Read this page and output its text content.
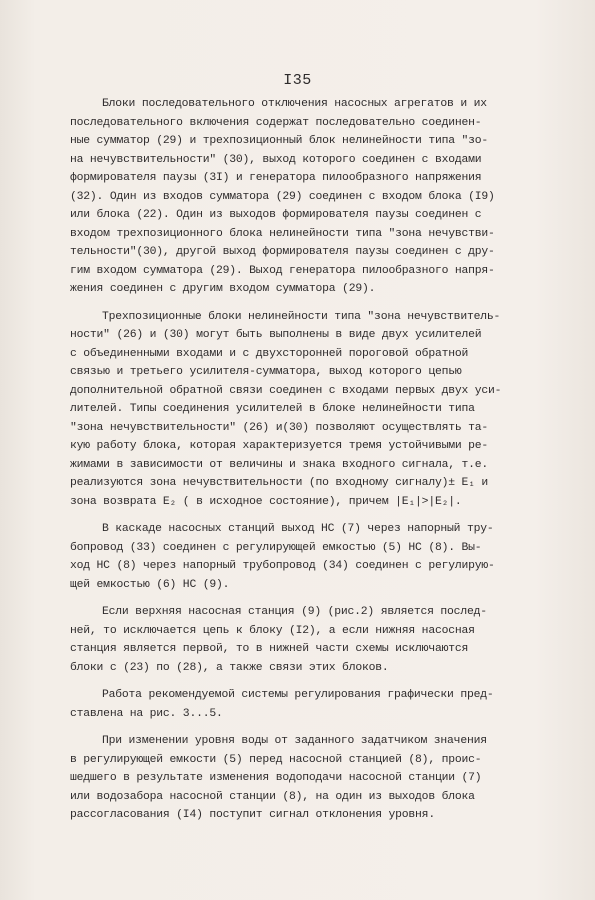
I35
Блоки последовательного отключения насосных агрегатов и их
последовательного включения содержат последовательно соединен-
ные сумматор (29) и трехпозиционный блок нелинейности типа "зо-
на нечувствительности" (30), выход которого соединен с входами
формирователя паузы (3I) и генератора пилообразного напряжения
(32). Один из входов сумматора (29) соединен с входом блока (I9)
или блока (22). Один из выходов формирователя паузы соединен с
входом трехпозиционного блока нелинейности типа "зона нечувстви-
тельности"(30), другой выход формирователя паузы соединен с дру-
гим входом сумматора (29). Выход генератора пилообразного напря-
жения соединен с другим входом сумматора (29).
Трехпозиционные блоки нелинейности типа "зона нечувствитель-
ности" (26) и (30) могут быть выполнены в виде двух усилителей
с объединенными входами и с двухсторонней пороговой обратной
связью и третьего усилителя-сумматора, выход которого цепью
дополнительной обратной связи соединен с входами первых двух уси-
лителей. Типы соединения усилителей в блоке нелинейности типа
"зона нечувствительности" (26) и(30) позволяют осуществлять та-
кую работу блока, которая характеризуется тремя устойчивыми ре-
жимами в зависимости от величины и знака входного сигнала, т.е.
реализуются зона нечувствительности (по входному сигналу)± E₁ и
зона возврата E₂ ( в исходное состояние), причем |E₁|>|E₂|.
В каскаде насосных станций выход НС (7) через напорный тру-
бопровод (33) соединен с регулирующей емкостью (5) НС (8). Вы-
ход НС (8) через напорный трубопровод (34) соединен с регулирую-
щей емкостью (6) НС (9).
Если верхняя насосная станция (9) (рис.2) является послед-
ней, то исключается цепь к блоку (I2), а если нижняя насосная
станция является первой, то в нижней части схемы исключаются
блоки с (23) по (28), а также связи этих блоков.
Работа рекомендуемой системы регулирования графически пред-
ставлена на рис. 3...5.
При изменении уровня воды от заданного задатчиком значения
в регулирующей емкости (5) перед насосной станцией (8), проис-
шедшего в результате изменения водоподачи насосной станции (7)
или водозабора насосной станции (8), на один из выходов блока
рассогласования (I4) поступит сигнал отклонения уровня.
